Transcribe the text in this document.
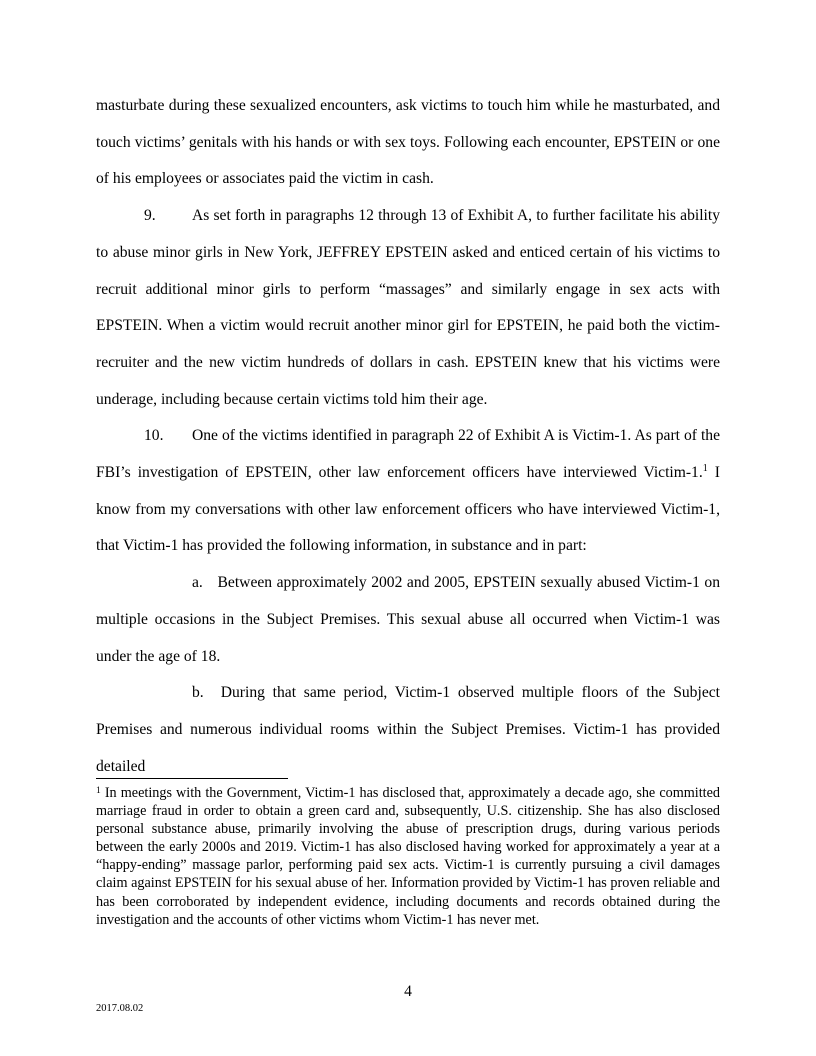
masturbate during these sexualized encounters, ask victims to touch him while he masturbated, and touch victims’ genitals with his hands or with sex toys. Following each encounter, EPSTEIN or one of his employees or associates paid the victim in cash.

9. As set forth in paragraphs 12 through 13 of Exhibit A, to further facilitate his ability to abuse minor girls in New York, JEFFREY EPSTEIN asked and enticed certain of his victims to recruit additional minor girls to perform “massages” and similarly engage in sex acts with EPSTEIN. When a victim would recruit another minor girl for EPSTEIN, he paid both the victim-recruiter and the new victim hundreds of dollars in cash. EPSTEIN knew that his victims were underage, including because certain victims told him their age.

10. One of the victims identified in paragraph 22 of Exhibit A is Victim-1. As part of the FBI’s investigation of EPSTEIN, other law enforcement officers have interviewed Victim-1.$^1$ I know from my conversations with other law enforcement officers who have interviewed Victim-1, that Victim-1 has provided the following information, in substance and in part:

a. Between approximately 2002 and 2005, EPSTEIN sexually abused Victim-1 on multiple occasions in the Subject Premises. This sexual abuse all occurred when Victim-1 was under the age of 18.

b. During that same period, Victim-1 observed multiple floors of the Subject Premises and numerous individual rooms within the Subject Premises. Victim-1 has provided detailed

$^1$ In meetings with the Government, Victim-1 has disclosed that, approximately a decade ago, she committed marriage fraud in order to obtain a green card and, subsequently, U.S. citizenship. She has also disclosed personal substance abuse, primarily involving the abuse of prescription drugs, during various periods between the early 2000s and 2019. Victim-1 has also disclosed having worked for approximately a year at a “happy-ending” massage parlor, performing paid sex acts. Victim-1 is currently pursuing a civil damages claim against EPSTEIN for his sexual abuse of her. Information provided by Victim-1 has proven reliable and has been corroborated by independent evidence, including documents and records obtained during the investigation and the accounts of other victims whom Victim-1 has never met.
4
2017.08.02
